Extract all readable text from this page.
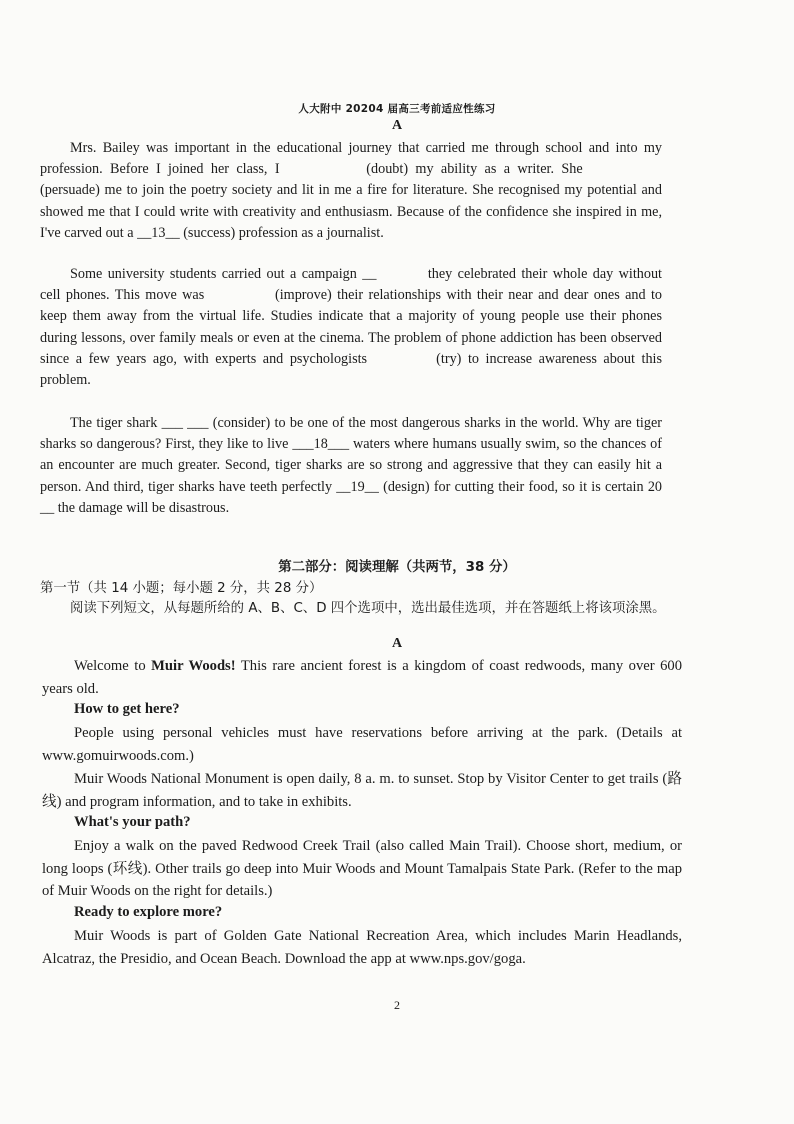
人大附中 20204 届高三考前适应性练习
A
Mrs. Bailey was important in the educational journey that carried me through school and into my profession. Before I joined her class, I	(doubt) my ability as a writer. She  (persuade) me to join the poetry society and lit in me a fire for literature. She recognised my potential and showed me that I could write with creativity and enthusiasm. Because of the confidence she inspired in me, I've carved out a __13__ (success) profession as a journalist.
Some university students carried out a campaign __	they celebrated their whole day without cell phones. This move was	(improve) their relationships with their near and dear ones and to keep them away from the virtual life. Studies indicate that a majority of young people use their phones during lessons, over family meals or even at the cinema. The problem of phone addiction has been observed since a few years ago, with experts and psychologists	(try) to increase awareness about this problem.
The tiger shark ___ ___ (consider) to be one of the most dangerous sharks in the world. Why are tiger sharks so dangerous? First, they like to live ___18___ waters where humans usually swim, so the chances of an encounter are much greater. Second, tiger sharks are so strong and aggressive that they can easily hit a person. And third, tiger sharks have teeth perfectly __19__ (design) for cutting their food, so it is certain 20 __ the damage will be disastrous.
第二部分：阅读理解（共两节，38 分）
第一节（共 14 小题；每小题 2 分，共 28 分）
阅读下列短文，从每题所给的 A、B、C、D 四个选项中，选出最佳选项，并在答题纸上将该项涂黑。
A
Welcome to Muir Woods! This rare ancient forest is a kingdom of coast redwoods, many over 600 years old.
How to get here?
People using personal vehicles must have reservations before arriving at the park. (Details at www.gomuirwoods.com.)
Muir Woods National Monument is open daily, 8 a. m. to sunset. Stop by Visitor Center to get trails (路线) and program information, and to take in exhibits.
What's your path?
Enjoy a walk on the paved Redwood Creek Trail (also called Main Trail). Choose short, medium, or long loops (环线). Other trails go deep into Muir Woods and Mount Tamalpais State Park. (Refer to the map of Muir Woods on the right for details.)
Ready to explore more?
Muir Woods is part of Golden Gate National Recreation Area, which includes Marin Headlands, Alcatraz, the Presidio, and Ocean Beach. Download the app at www.nps.gov/goga.
2
